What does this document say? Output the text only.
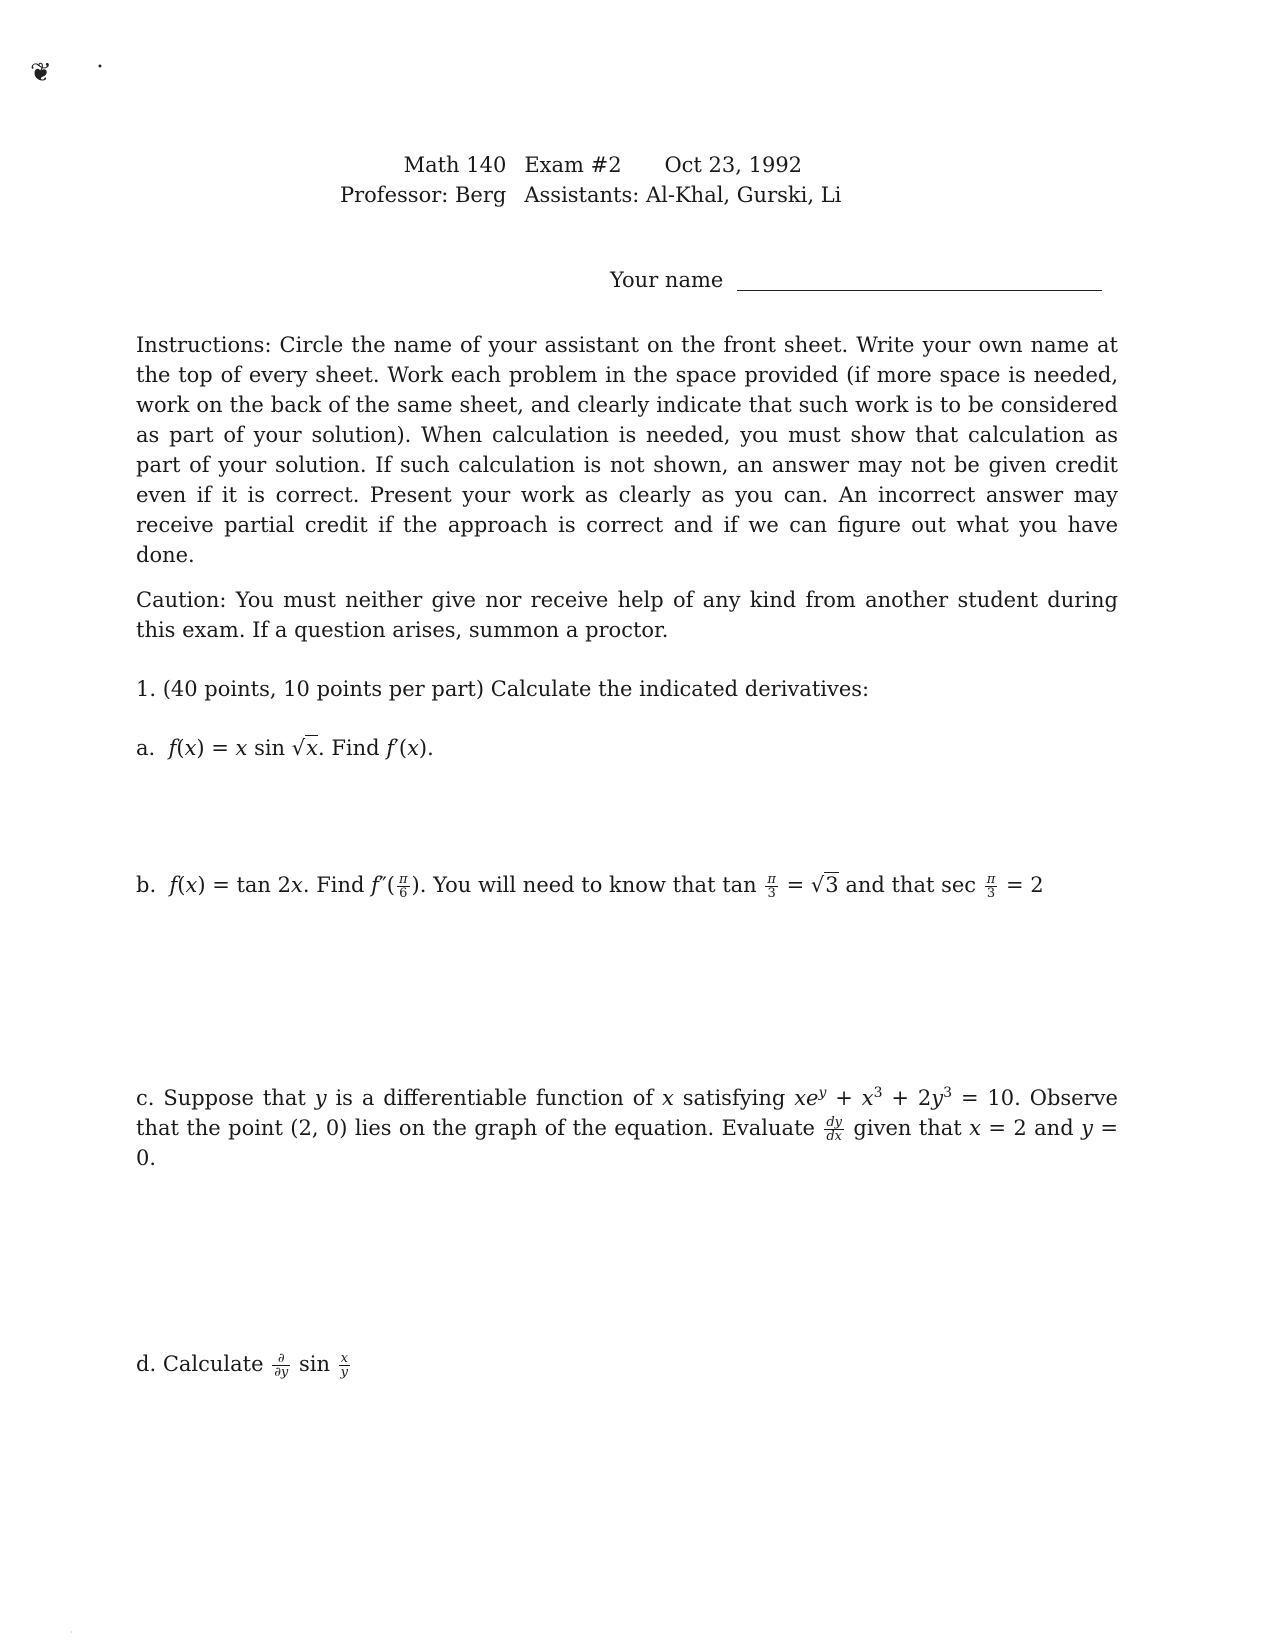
❦	•
·
Math 140	Exam #2	Oct 23, 1992
Professor: Berg	Assistants: Al-Khal, Gurski, Li	
Your name
Instructions: Circle the name of your assistant on the front sheet. Write your own name at the top of every sheet. Work each problem in the space provided (if more space is needed, work on the back of the same sheet, and clearly indicate that such work is to be considered as part of your solution). When calculation is needed, you must show that calculation as part of your solution. If such calculation is not shown, an answer may not be given credit even if it is correct. Present your work as clearly as you can. An incorrect answer may receive partial credit if the approach is correct and if we can figure out what you have done.
Caution: You must neither give nor receive help of any kind from another student during this exam. If a question arises, summon a proctor.
1. (40 points, 10 points per part) Calculate the indicated derivatives:
a. f(x) = x sin √x. Find f′(x).
b. f(x) = tan 2x. Find $f''( \frac{\pi}{6}$ ). You will need to know that $\tan \frac{\pi}{3} = √3$ and that $\sec \frac{\pi}{3} = 2$
c. Suppose that y is a differentiable function of x satisfying $xe^y + x^3 + 2y^3 = 10$. Observe that the point (2, 0) lies on the graph of the equation. Evaluate $\frac{dy}{dx}$ given that x = 2 and y = 0.
d. Calculate $\frac{\partial}{\partial y}$ $\sin \frac{x}{y}$
